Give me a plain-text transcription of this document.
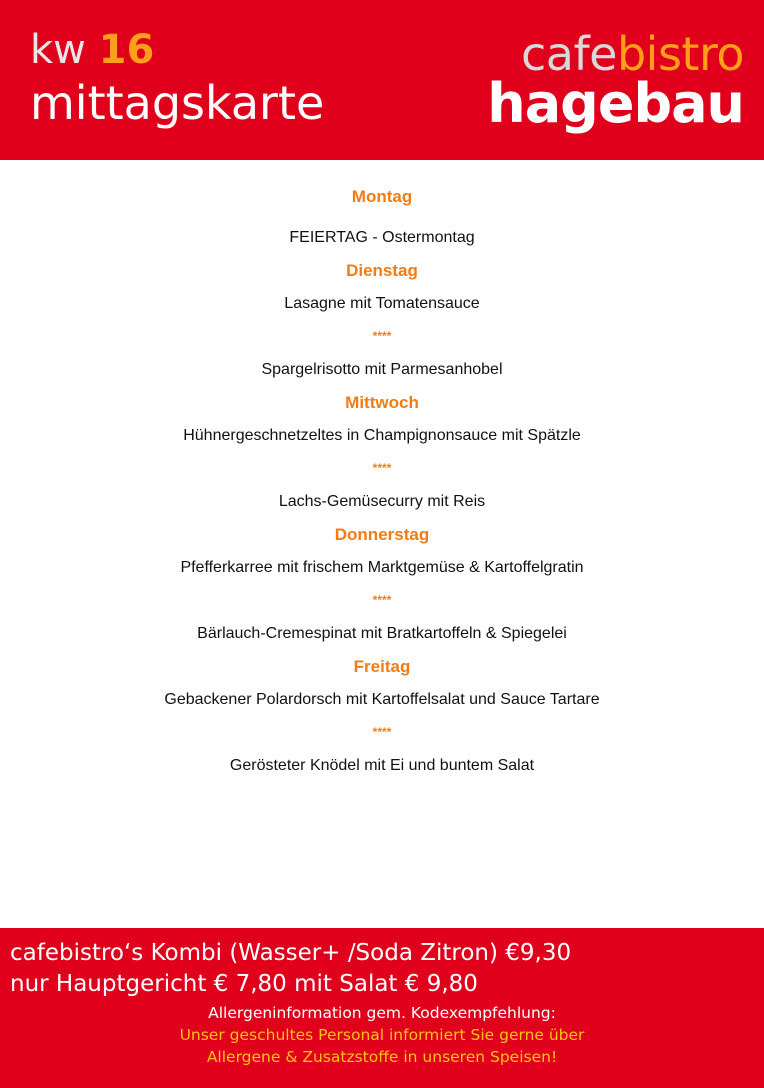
kw 16
mittagskarte
cafebistro
hagebau
Montag
FEIERTAG - Ostermontag
Dienstag
Lasagne mit Tomatensauce
****
Spargelrisotto mit Parmesanhobel
Mittwoch
Hühnergeschnetzeltes in Champignonsauce mit Spätzle
****
Lachs-Gemüsecurry mit Reis
Donnerstag
Pfefferkarree mit frischem Marktgemüse & Kartoffelgratin
****
Bärlauch-Cremespinat mit Bratkartoffeln & Spiegelei
Freitag
Gebackener Polardorsch mit Kartoffelsalat und Sauce Tartare
****
Gerösteter Knödel mit Ei und buntem Salat
cafebistro‘s Kombi (Wasser+ /Soda Zitron) €9,30
nur Hauptgericht € 7,80 mit Salat € 9,80
Allergeninformation gem. Kodexempfehlung:
Unser geschultes Personal informiert Sie gerne über
Allergene & Zusatzstoffe in unseren Speisen!
